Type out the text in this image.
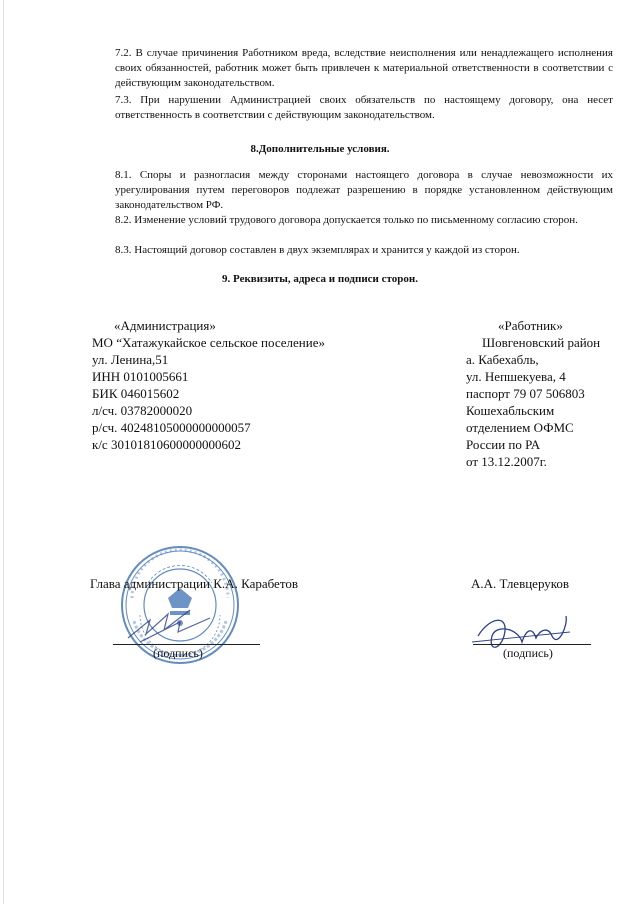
7.2. В случае причинения Работником вреда, вследствие неисполнения или ненадлежащего исполнения своих обязанностей, работник может быть привлечен к материальной ответственности в соответствии с действующим законодательством.

7.3. При нарушении Администрацией своих обязательств по настоящему договору, она несет ответственность в соответствии с действующим законодательством.

8.Дополнительные условия.

8.1. Споры и разногласия между сторонами настоящего договора в случае невозможности их урегулирования путем переговоров подлежат разрешению в порядке установленном действующим законодательством РФ.

8.2. Изменение условий трудового договора допускается только по письменному согласию сторон.

8.3. Настоящий договор составлен в двух экземплярах и хранится у каждой из сторон.

9. Реквизиты, адреса и подписи сторон.

«Администрация»
МО “Хатажукайское сельское поселение»
ул. Ленина,51
ИНН 0101005661
БИК 046015602
л/сч. 03782000020
р/сч. 40248105000000000057
к/с 30101810600000000602
«Работник»
Шовгеновский район
а. Кабехабль,
ул. Непшекуева, 4
паспорт 79 07 506803
Кошехабльским
отделением ОФМС
России по РА
от 13.12.2007г.
Глава администрации К.А. Карабетов
(подпись)
А.А. Тлевцеруков
(подпись)
